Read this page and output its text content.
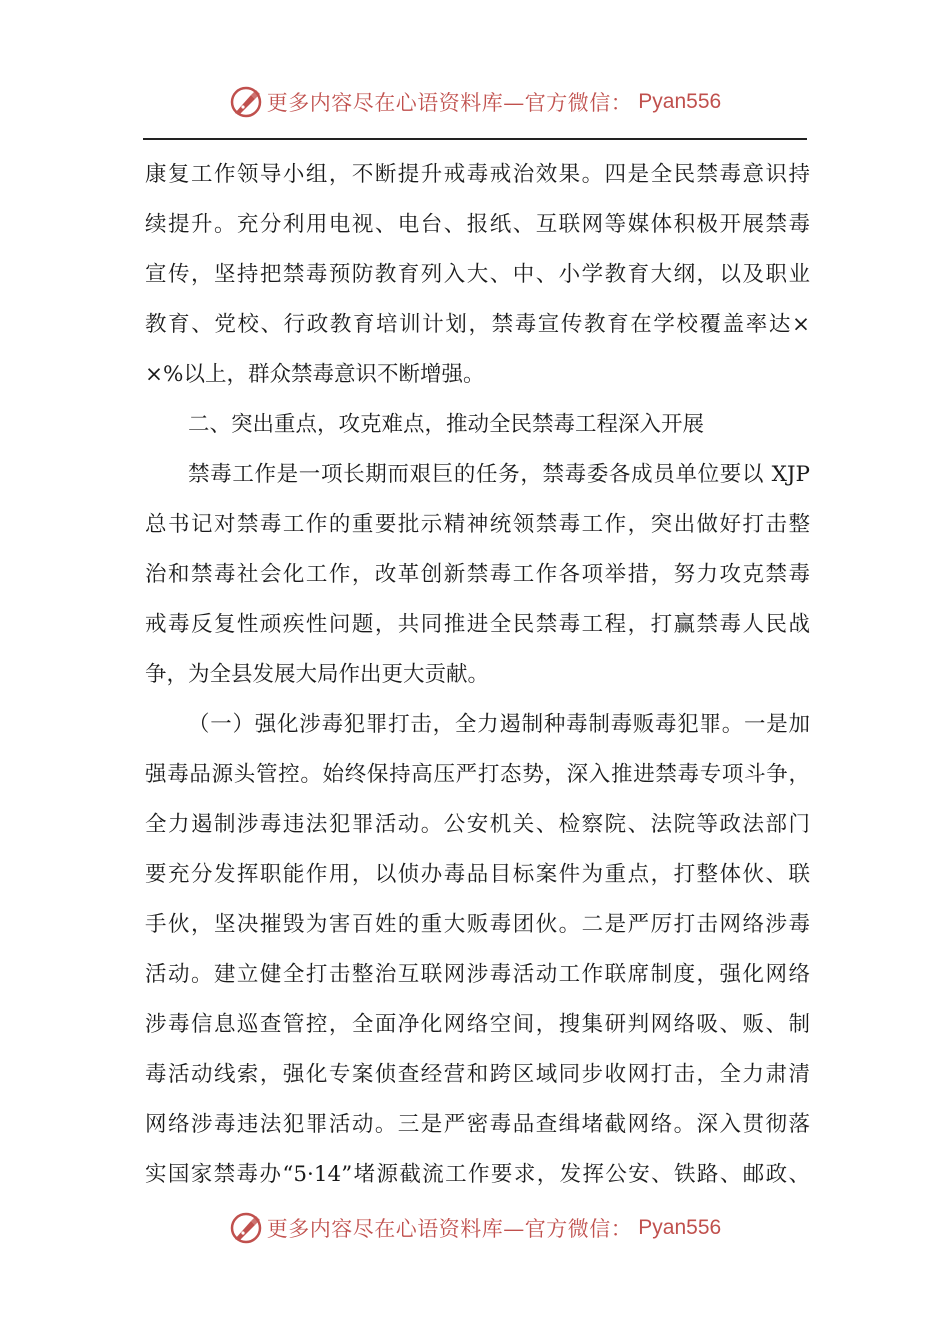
更多内容尽在心语资料库—官方微信： Pyan556
康复工作领导小组，不断提升戒毒戒治效果。四是全民禁毒意识持
续提升。充分利用电视、电台、报纸、互联网等媒体积极开展禁毒
宣传，坚持把禁毒预防教育列入大、中、小学教育大纲，以及职业
教育、党校、行政教育培训计划，禁毒宣传教育在学校覆盖率达×
×%以上，群众禁毒意识不断增强。
二、突出重点，攻克难点，推动全民禁毒工程深入开展
禁毒工作是一项长期而艰巨的任务，禁毒委各成员单位要以 XJP
总书记对禁毒工作的重要批示精神统领禁毒工作，突出做好打击整
治和禁毒社会化工作，改革创新禁毒工作各项举措，努力攻克禁毒
戒毒反复性顽疾性问题，共同推进全民禁毒工程，打赢禁毒人民战
争，为全县发展大局作出更大贡献。
（一）强化涉毒犯罪打击，全力遏制种毒制毒贩毒犯罪。一是加
强毒品源头管控。始终保持高压严打态势，深入推进禁毒专项斗争，
全力遏制涉毒违法犯罪活动。公安机关、检察院、法院等政法部门
要充分发挥职能作用，以侦办毒品目标案件为重点，打整体伙、联
手伙，坚决摧毁为害百姓的重大贩毒团伙。二是严厉打击网络涉毒
活动。建立健全打击整治互联网涉毒活动工作联席制度，强化网络
涉毒信息巡查管控，全面净化网络空间，搜集研判网络吸、贩、制
毒活动线索，强化专案侦查经营和跨区域同步收网打击，全力肃清
网络涉毒违法犯罪活动。三是严密毒品查缉堵截网络。深入贯彻落
实国家禁毒办“5·14”堵源截流工作要求，发挥公安、铁路、邮政、
更多内容尽在心语资料库—官方微信： Pyan556
